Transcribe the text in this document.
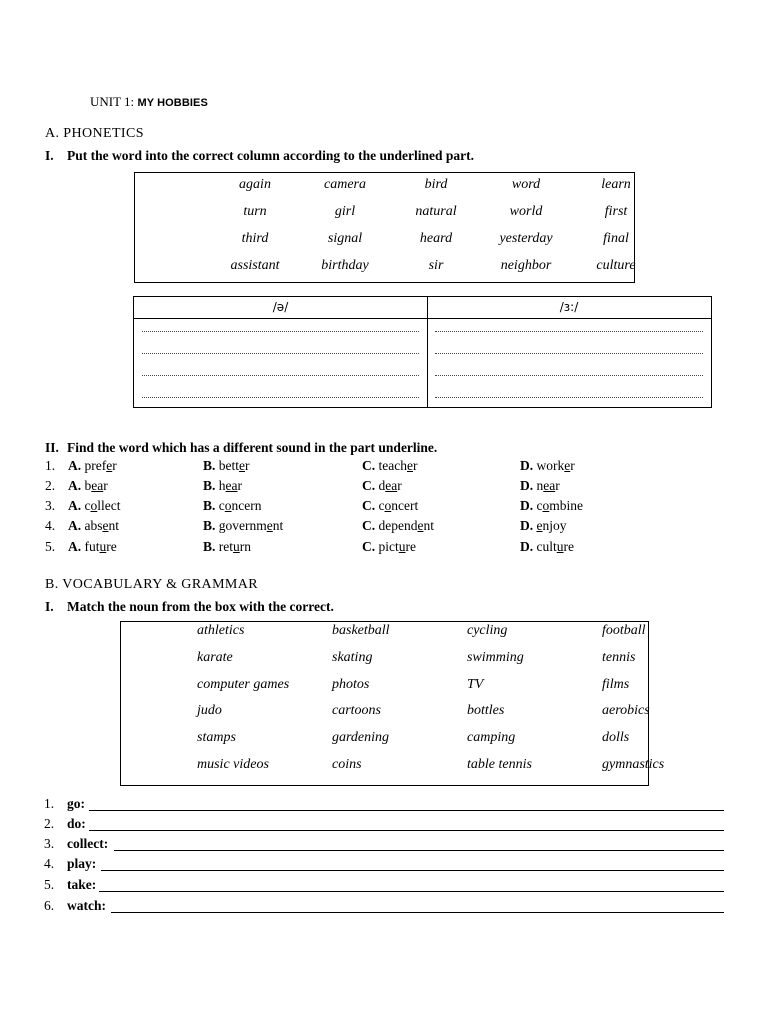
UNIT 1: MY HOBBIES
A. PHONETICS
I. Put the word into the correct column according to the underlined part.
again	camera	bird	word	learn
turn	girl	natural	world	first
third	signal	heard	yesterday	final
assistant	birthday	sir	neighbor	culture
/ə/	/ɜ:/
II. Find the word which has a different sound in the part underline.
1. A. prefer	B. better	C. teacher	D. worker
2. A. bear	B. hear	C. dear	D. near
3. A. collect	B. concern	C. concert	D. combine
4. A. absent	B. government	C. dependent	D. enjoy
5. A. future	B. return	C. picture	D. culture
B. VOCABULARY & GRAMMAR
I. Match the noun from the box with the correct.
athletics	basketball	cycling	football
karate	skating	swimming	tennis
computer games	photos	TV	films
judo	cartoons	bottles	aerobics
stamps	gardening	camping	dolls
music videos	coins	table tennis	gymnastics
1. go:
2. do:
3. collect:
4. play:
5. take:
6. watch:
